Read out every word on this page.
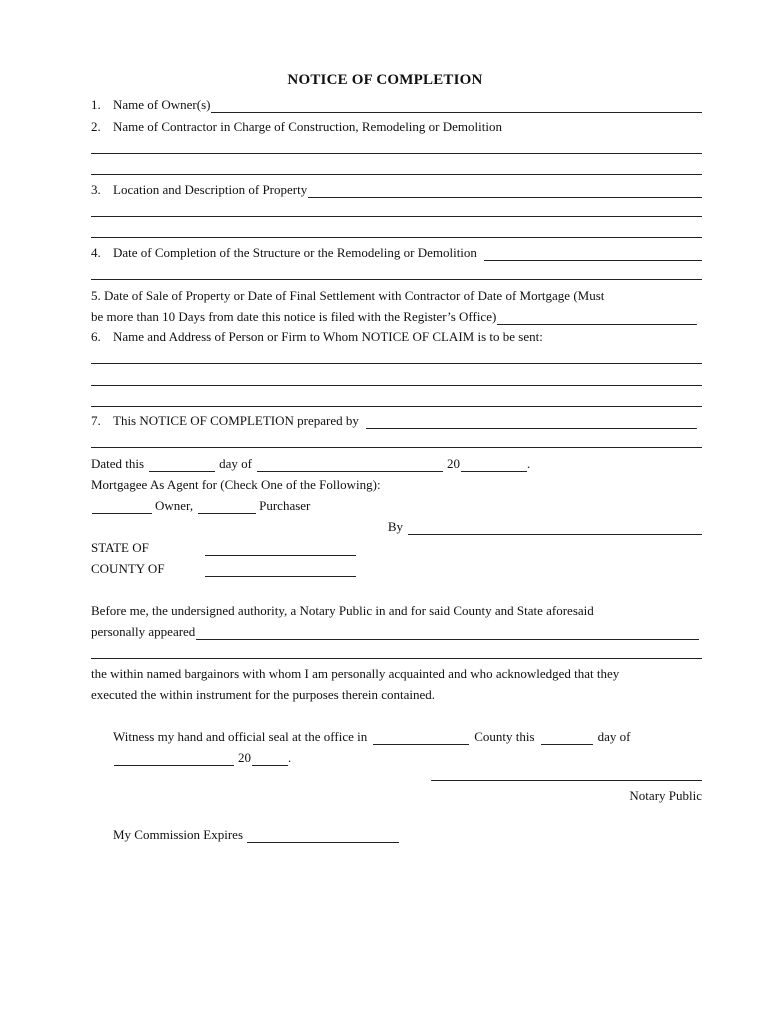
NOTICE OF COMPLETION
1. Name of Owner(s)
2. Name of Contractor in Charge of Construction, Remodeling or Demolition
3. Location and Description of Property
4. Date of Completion of the Structure or the Remodeling or Demolition
5. Date of Sale of Property or Date of Final Settlement with Contractor of Date of Mortgage (Must
be more than 10 Days from date this notice is filed with the Register’s Office)
6. Name and Address of Person or Firm to Whom NOTICE OF CLAIM is to be sent:
7. This NOTICE OF COMPLETION prepared by
Dated this	day of	20	.
Mortgagee As Agent for (Check One of the Following):
Owner,	Purchaser
By
STATE OF
COUNTY OF
Before me, the undersigned authority, a Notary Public in and for said County and State aforesaid
personally appeared
the within named bargainors with whom I am personally acquainted and who acknowledged that they
executed the within instrument for the purposes therein contained.
Witness my hand and official seal at the office in	County this	day of
20	.
Notary Public
My Commission Expires
